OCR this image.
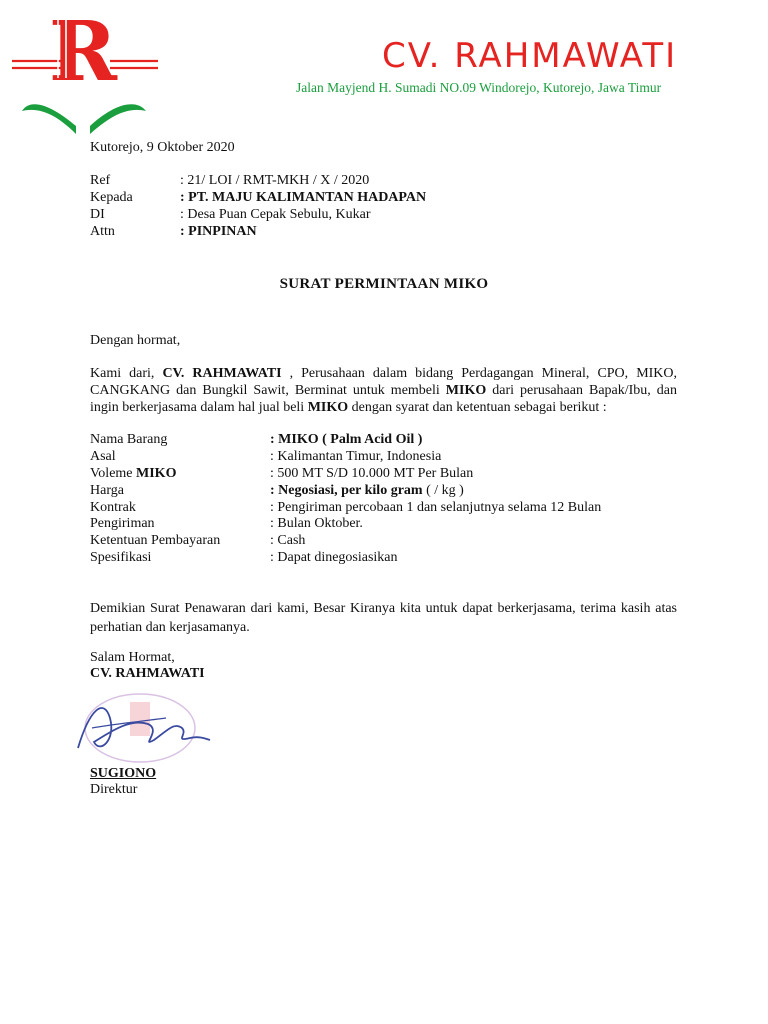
R	CV. RAHMAWATI
Jalan Mayjend H. Sumadi NO.09 Windorejo, Kutorejo, Jawa Timur
Kutorejo, 9 Oktober 2020
Ref	: 21/ LOI / RMT-MKH / X / 2020
Kepada	: PT. MAJU KALIMANTAN HADAPAN
DI	: Desa Puan Cepak Sebulu, Kukar
Attn	: PINPINAN
SURAT PERMINTAAN MIKO
Dengan hormat,
Kami dari, CV. RAHMAWATI , Perusahaan dalam bidang Perdagangan Mineral, CPO, MIKO, CANGKANG dan Bungkil Sawit, Berminat untuk membeli MIKO dari perusahaan Bapak/Ibu, dan ingin berkerjasama dalam hal jual beli MIKO dengan syarat dan ketentuan sebagai berikut :
Nama Barang	: MIKO ( Palm Acid Oil )
Asal	: Kalimantan Timur, Indonesia
Voleme MIKO	: 500 MT S/D 10.000 MT Per Bulan
Harga	: Negosiasi, per kilo gram ( / kg )
Kontrak	: Pengiriman percobaan 1 dan selanjutnya selama 12 Bulan
Pengiriman	: Bulan Oktober.
Ketentuan Pembayaran	: Cash
Spesifikasi	: Dapat dinegosiasikan
Demikian Surat Penawaran dari kami, Besar Kiranya kita untuk dapat berkerjasama, terima kasih atas perhatian dan kerjasamanya.
Salam Hormat,
CV. RAHMAWATI
SUGIONO
Direktur
